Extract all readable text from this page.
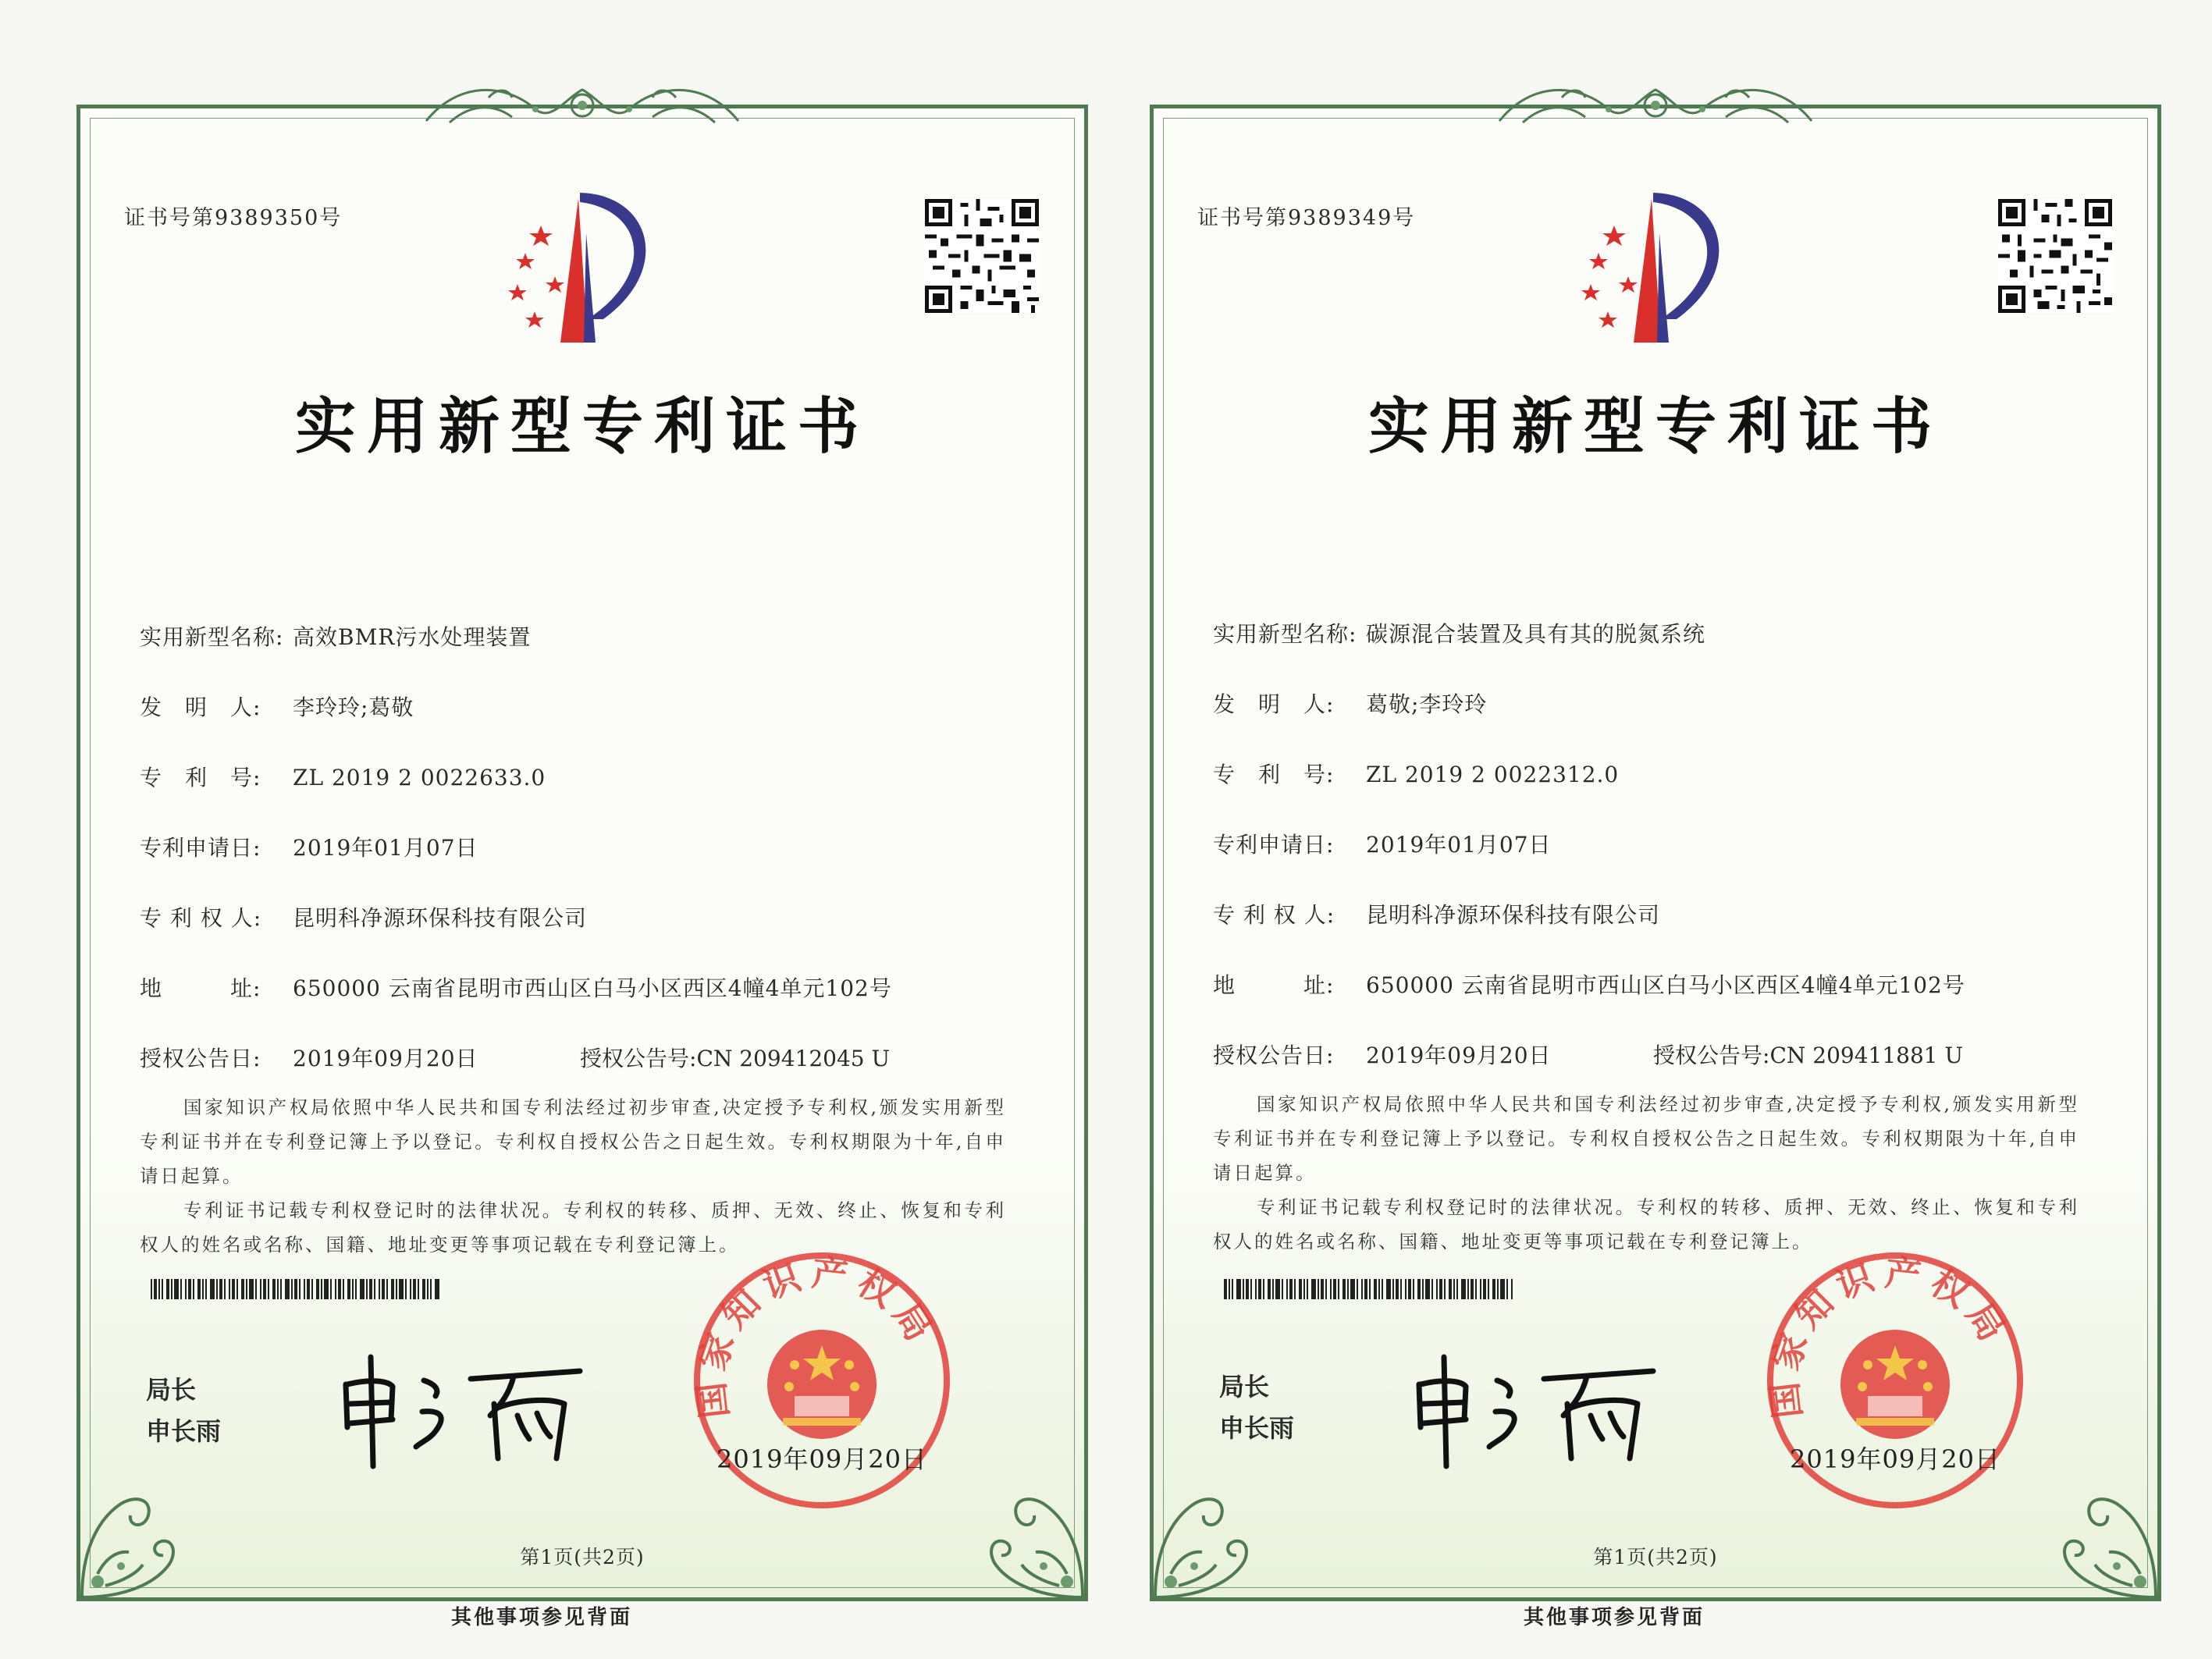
证书号第9389350号
实用新型专利证书
实用新型名称: 高效BMR污水处理装置
发　明　人: 李玲玲;葛敬
专　利　号: ZL 2019 2 0022633.0
专利申请日: 2019年01月07日
专 利 权 人: 昆明科净源环保科技有限公司
地　　　址: 650000 云南省昆明市西山区白马小区西区4幢4单元102号
授权公告日: 2019年09月20日	授权公告号:CN 209412045 U

国家知识产权局依照中华人民共和国专利法经过初步审查,决定授予专利权,颁发实用新型专利证书并在专利登记簿上予以登记。专利权自授权公告之日起生效。专利权期限为十年,自申请日起算。

专利证书记载专利权登记时的法律状况。专利权的转移、质押、无效、终止、恢复和专利权人的姓名或名称、国籍、地址变更等事项记载在专利登记簿上。

局长
申长雨
国家知识产权局
2019年09月20日
第1页(共2页)
其他事项参见背面
证书号第9389349号
实用新型专利证书
实用新型名称: 碳源混合装置及具有其的脱氮系统
发　明　人: 葛敬;李玲玲
专　利　号: ZL 2019 2 0022312.0
专利申请日: 2019年01月07日
专 利 权 人: 昆明科净源环保科技有限公司
地　　　址: 650000 云南省昆明市西山区白马小区西区4幢4单元102号
授权公告日: 2019年09月20日	授权公告号:CN 209411881 U

国家知识产权局依照中华人民共和国专利法经过初步审查,决定授予专利权,颁发实用新型专利证书并在专利登记簿上予以登记。专利权自授权公告之日起生效。专利权期限为十年,自申请日起算。

专利证书记载专利权登记时的法律状况。专利权的转移、质押、无效、终止、恢复和专利权人的姓名或名称、国籍、地址变更等事项记载在专利登记簿上。

局长
申长雨
国家知识产权局
2019年09月20日
第1页(共2页)
其他事项参见背面
